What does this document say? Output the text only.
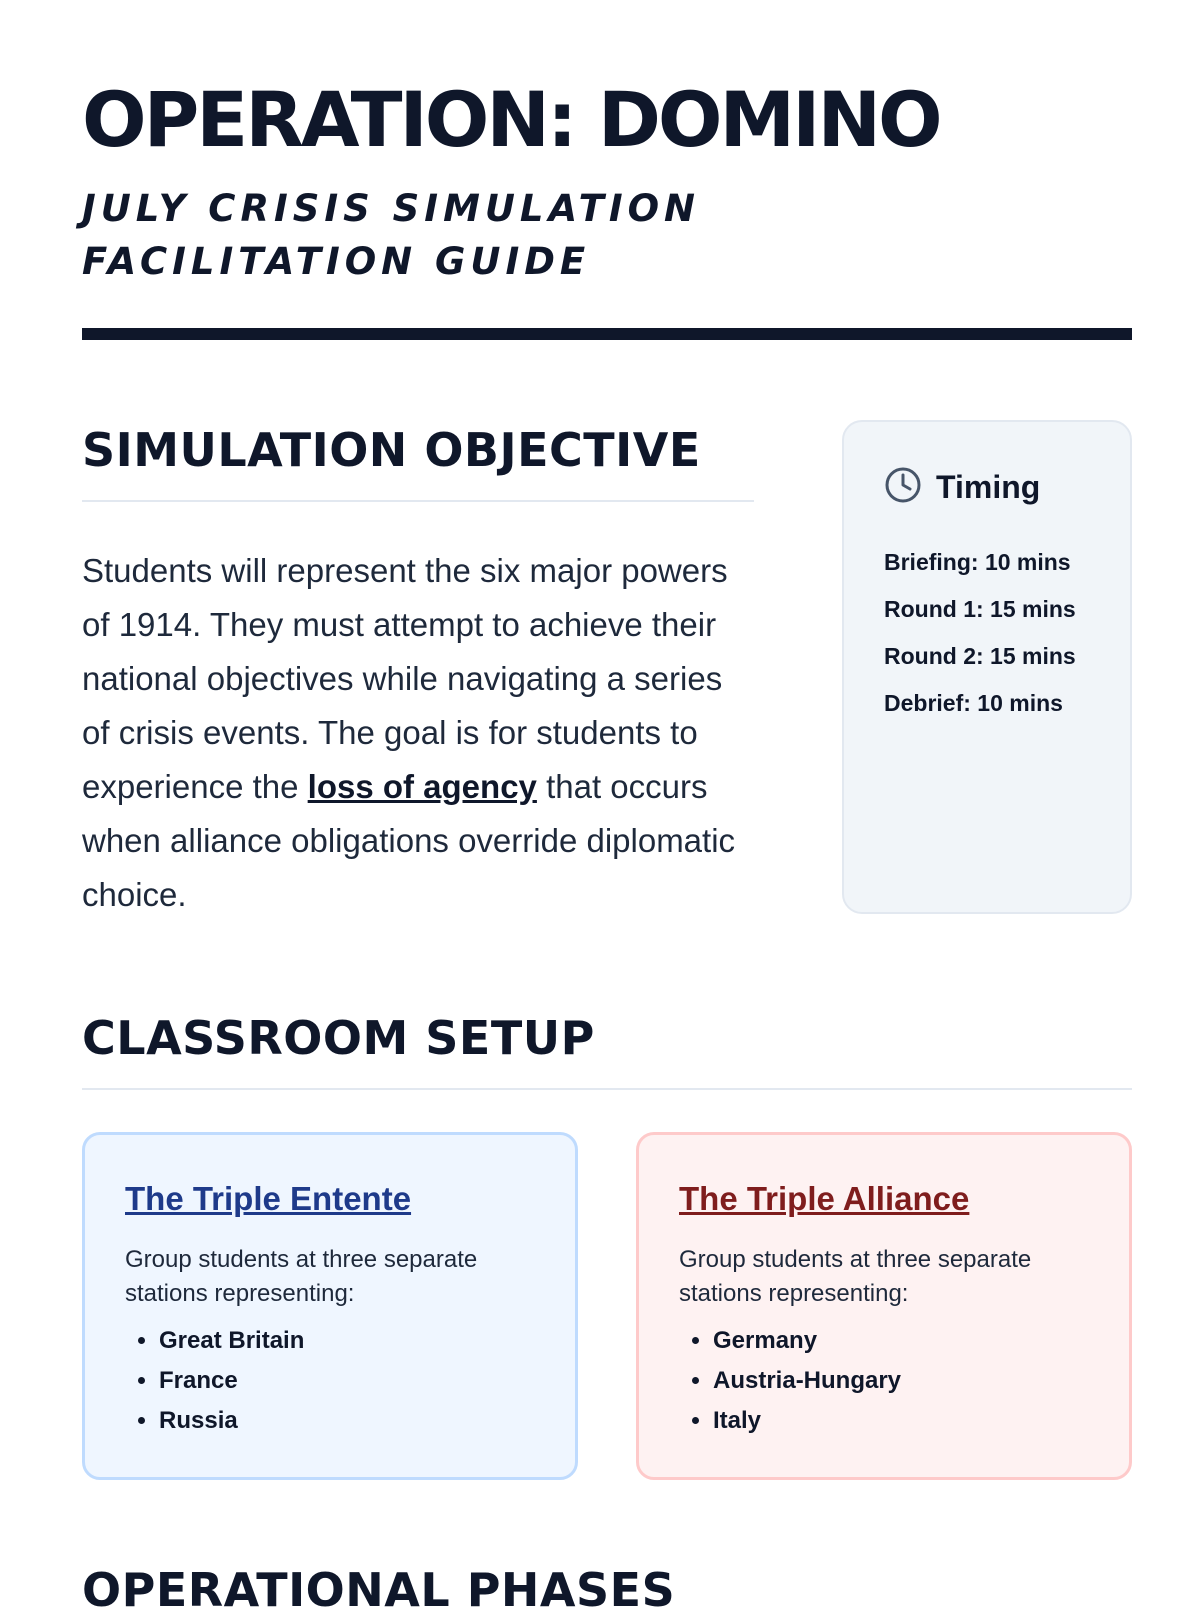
OPERATION: DOMINO
JULY CRISIS SIMULATION FACILITATION GUIDE
SIMULATION OBJECTIVE

Students will represent the six major powers of 1914. They must attempt to achieve their national objectives while navigating a series of crisis events. The goal is for students to experience the loss of agency that occurs when alliance obligations override diplomatic choice.

Timing
Briefing: 10 mins
Round 1: 15 mins
Round 2: 15 mins
Debrief: 10 mins
CLASSROOM SETUP
The Triple Entente

Group students at three separate stations representing:

• Great Britain
• France
• Russia
The Triple Alliance

Group students at three separate stations representing:

• Germany
• Austria-Hungary
• Italy
OPERATIONAL PHASES
